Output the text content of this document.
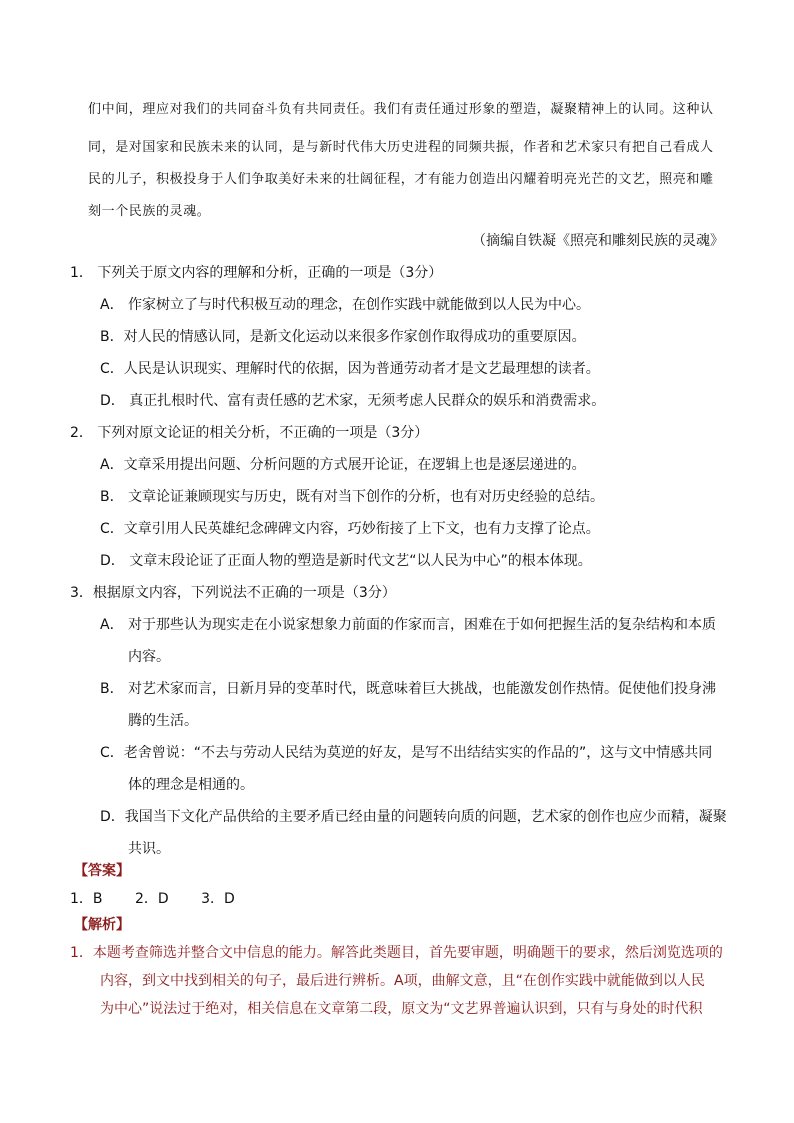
们中间，理应对我们的共同奋斗负有共同责任。我们有责任通过形象的塑造，凝聚精神上的认同。这种认

同，是对国家和民族未来的认同，是与新时代伟大历史进程的同频共振，作者和艺术家只有把自己看成人

民的儿子，积极投身于人们争取美好未来的壮阔征程，才有能力创造出闪耀着明亮光芒的文艺，照亮和雕

刻一个民族的灵魂。

（摘编自铁凝《照亮和雕刻民族的灵魂》
1． 下列关于原文内容的理解和分析，正确的一项是（3分）
A． 作家树立了与时代积极互动的理念，在创作实践中就能做到以人民为中心。
B．对人民的情感认同，是新文化运动以来很多作家创作取得成功的重要原因。
C．人民是认识现实、理解时代的依据，因为普通劳动者才是文艺最理想的读者。
D． 真正扎根时代、富有责任感的艺术家，无须考虑人民群众的娱乐和消费需求。
2． 下列对原文论证的相关分析，不正确的一项是（3分）
A．文章采用提出问题、分析问题的方式展开论证，在逻辑上也是逐层递进的。
B． 文章论证兼顾现实与历史，既有对当下创作的分析，也有对历史经验的总结。
C．文章引用人民英雄纪念碑碑文内容，巧妙衔接了上下文，也有力支撑了论点。
D． 文章末段论证了正面人物的塑造是新时代文艺“以人民为中心”的根本体现。
3．根据原文内容，下列说法不正确的一项是（3分）
A． 对于那些认为现实走在小说家想象力前面的作家而言，困难在于如何把握生活的复杂结构和本质
内容。
B． 对艺术家而言，日新月异的变革时代，既意味着巨大挑战，也能激发创作热情。促使他们投身沸
腾的生活。
C．老舍曾说：“不去与劳动人民结为莫逆的好友，是写不出结结实实的作品的”，这与文中情感共同
体的理念是相通的。
D．我国当下文化产品供给的主要矛盾已经由量的问题转向质的问题，艺术家的创作也应少而精，凝聚
共识。
【答案】
1．B 2．D 3．D
【解析】
1．本题考查筛选并整合文中信息的能力。解答此类题目，首先要审题，明确题干的要求，然后浏览选项的
内容，到文中找到相关的句子，最后进行辨析。A项，曲解文意，且“在创作实践中就能做到以人民
为中心”说法过于绝对，相关信息在文章第二段，原文为“文艺界普遍认识到，只有与身处的时代积
